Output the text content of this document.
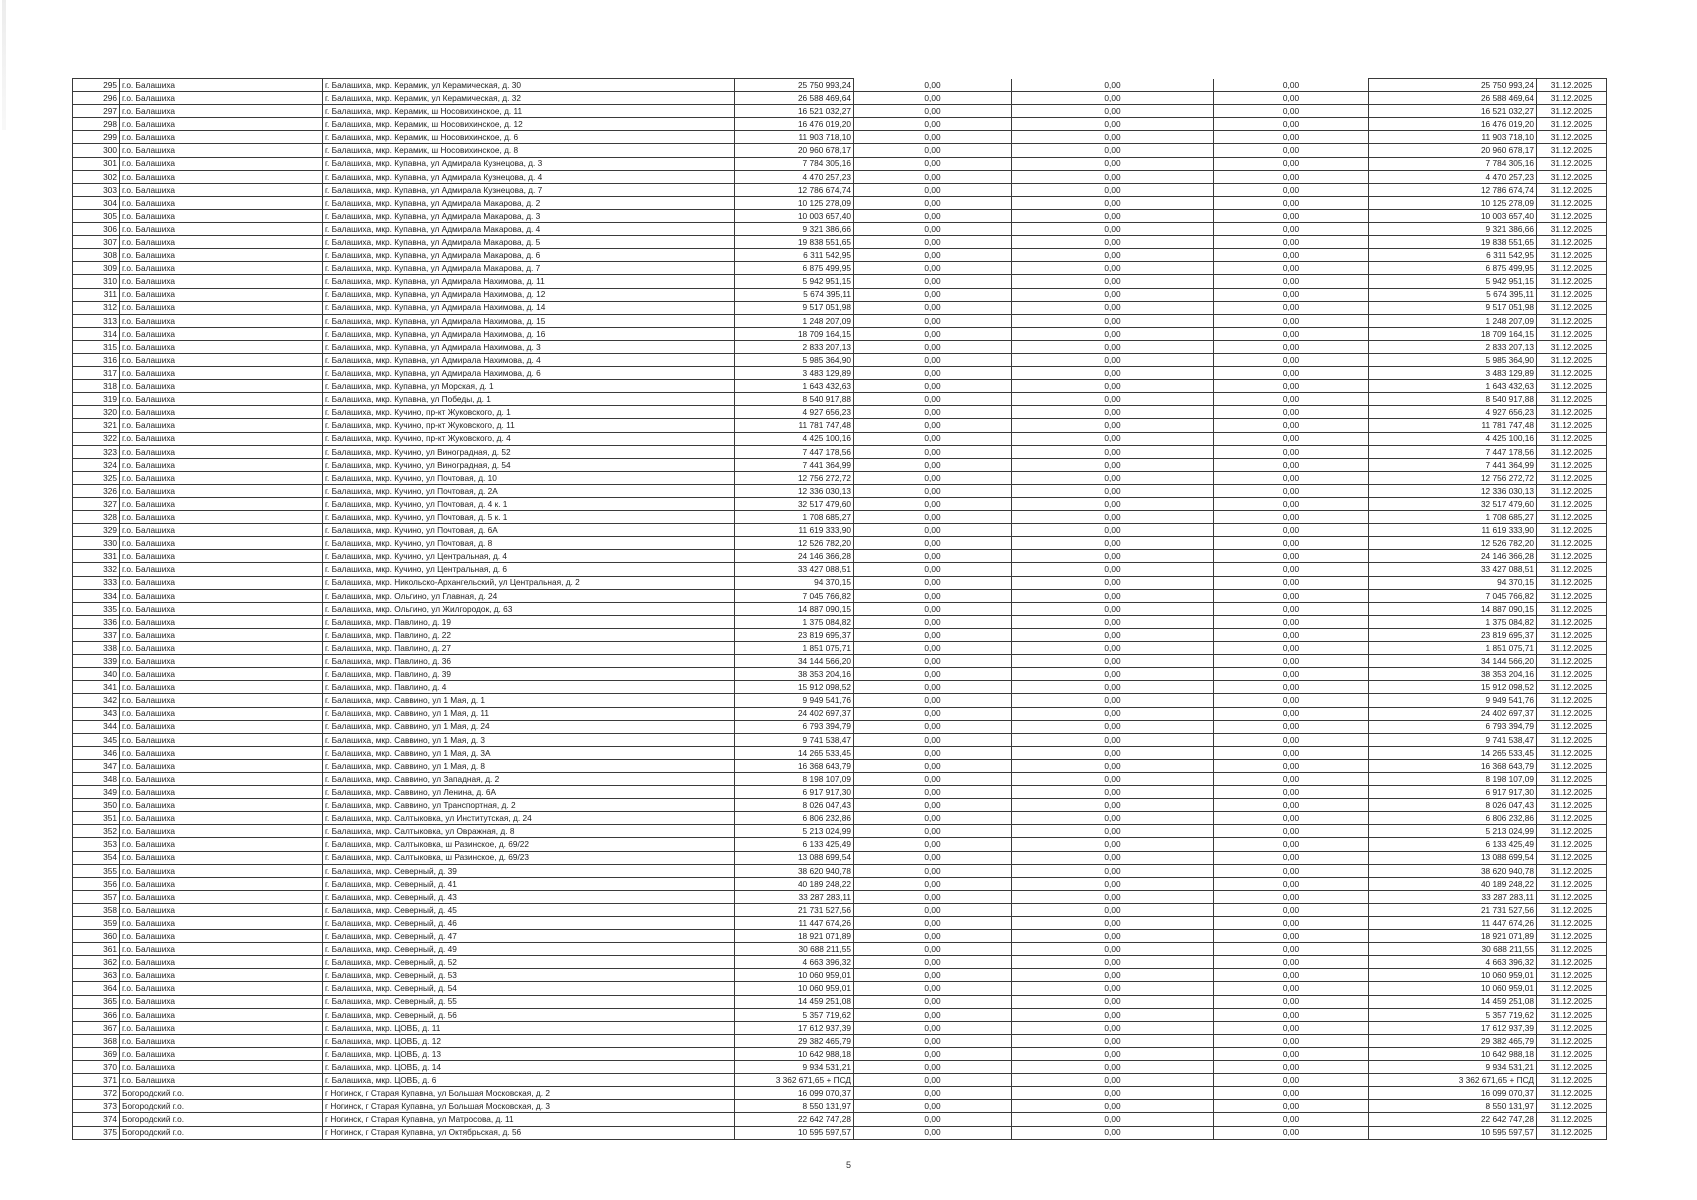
295	г.о. Балашиха	г. Балашиха, мкр. Керамик, ул Керамическая, д. 30	25 750 993,24	0,00	0,00	0,00	25 750 993,24	31.12.2025
296	г.о. Балашиха	г. Балашиха, мкр. Керамик, ул Керамическая, д. 32	26 588 469,64	0,00	0,00	0,00	26 588 469,64	31.12.2025
297	г.о. Балашиха	г. Балашиха, мкр. Керамик, ш Носовихинское, д. 11	16 521 032,27	0,00	0,00	0,00	16 521 032,27	31.12.2025
298	г.о. Балашиха	г. Балашиха, мкр. Керамик, ш Носовихинское, д. 12	16 476 019,20	0,00	0,00	0,00	16 476 019,20	31.12.2025
299	г.о. Балашиха	г. Балашиха, мкр. Керамик, ш Носовихинское, д. 6	11 903 718,10	0,00	0,00	0,00	11 903 718,10	31.12.2025
300	г.о. Балашиха	г. Балашиха, мкр. Керамик, ш Носовихинское, д. 8	20 960 678,17	0,00	0,00	0,00	20 960 678,17	31.12.2025
301	г.о. Балашиха	г. Балашиха, мкр. Купавна, ул Адмирала Кузнецова, д. 3	7 784 305,16	0,00	0,00	0,00	7 784 305,16	31.12.2025
302	г.о. Балашиха	г. Балашиха, мкр. Купавна, ул Адмирала Кузнецова, д. 4	4 470 257,23	0,00	0,00	0,00	4 470 257,23	31.12.2025
303	г.о. Балашиха	г. Балашиха, мкр. Купавна, ул Адмирала Кузнецова, д. 7	12 786 674,74	0,00	0,00	0,00	12 786 674,74	31.12.2025
304	г.о. Балашиха	г. Балашиха, мкр. Купавна, ул Адмирала Макарова, д. 2	10 125 278,09	0,00	0,00	0,00	10 125 278,09	31.12.2025
305	г.о. Балашиха	г. Балашиха, мкр. Купавна, ул Адмирала Макарова, д. 3	10 003 657,40	0,00	0,00	0,00	10 003 657,40	31.12.2025
306	г.о. Балашиха	г. Балашиха, мкр. Купавна, ул Адмирала Макарова, д. 4	9 321 386,66	0,00	0,00	0,00	9 321 386,66	31.12.2025
307	г.о. Балашиха	г. Балашиха, мкр. Купавна, ул Адмирала Макарова, д. 5	19 838 551,65	0,00	0,00	0,00	19 838 551,65	31.12.2025
308	г.о. Балашиха	г. Балашиха, мкр. Купавна, ул Адмирала Макарова, д. 6	6 311 542,95	0,00	0,00	0,00	6 311 542,95	31.12.2025
309	г.о. Балашиха	г. Балашиха, мкр. Купавна, ул Адмирала Макарова, д. 7	6 875 499,95	0,00	0,00	0,00	6 875 499,95	31.12.2025
310	г.о. Балашиха	г. Балашиха, мкр. Купавна, ул Адмирала Нахимова, д. 11	5 942 951,15	0,00	0,00	0,00	5 942 951,15	31.12.2025
311	г.о. Балашиха	г. Балашиха, мкр. Купавна, ул Адмирала Нахимова, д. 12	5 674 395,11	0,00	0,00	0,00	5 674 395,11	31.12.2025
312	г.о. Балашиха	г. Балашиха, мкр. Купавна, ул Адмирала Нахимова, д. 14	9 517 051,98	0,00	0,00	0,00	9 517 051,98	31.12.2025
313	г.о. Балашиха	г. Балашиха, мкр. Купавна, ул Адмирала Нахимова, д. 15	1 248 207,09	0,00	0,00	0,00	1 248 207,09	31.12.2025
314	г.о. Балашиха	г. Балашиха, мкр. Купавна, ул Адмирала Нахимова, д. 16	18 709 164,15	0,00	0,00	0,00	18 709 164,15	31.12.2025
315	г.о. Балашиха	г. Балашиха, мкр. Купавна, ул Адмирала Нахимова, д. 3	2 833 207,13	0,00	0,00	0,00	2 833 207,13	31.12.2025
316	г.о. Балашиха	г. Балашиха, мкр. Купавна, ул Адмирала Нахимова, д. 4	5 985 364,90	0,00	0,00	0,00	5 985 364,90	31.12.2025
317	г.о. Балашиха	г. Балашиха, мкр. Купавна, ул Адмирала Нахимова, д. 6	3 483 129,89	0,00	0,00	0,00	3 483 129,89	31.12.2025
318	г.о. Балашиха	г. Балашиха, мкр. Купавна, ул Морская, д. 1	1 643 432,63	0,00	0,00	0,00	1 643 432,63	31.12.2025
319	г.о. Балашиха	г. Балашиха, мкр. Купавна, ул Победы, д. 1	8 540 917,88	0,00	0,00	0,00	8 540 917,88	31.12.2025
320	г.о. Балашиха	г. Балашиха, мкр. Кучино, пр-кт Жуковского, д. 1	4 927 656,23	0,00	0,00	0,00	4 927 656,23	31.12.2025
321	г.о. Балашиха	г. Балашиха, мкр. Кучино, пр-кт Жуковского, д. 11	11 781 747,48	0,00	0,00	0,00	11 781 747,48	31.12.2025
322	г.о. Балашиха	г. Балашиха, мкр. Кучино, пр-кт Жуковского, д. 4	4 425 100,16	0,00	0,00	0,00	4 425 100,16	31.12.2025
323	г.о. Балашиха	г. Балашиха, мкр. Кучино, ул Виноградная, д. 52	7 447 178,56	0,00	0,00	0,00	7 447 178,56	31.12.2025
324	г.о. Балашиха	г. Балашиха, мкр. Кучино, ул Виноградная, д. 54	7 441 364,99	0,00	0,00	0,00	7 441 364,99	31.12.2025
325	г.о. Балашиха	г. Балашиха, мкр. Кучино, ул Почтовая, д. 10	12 756 272,72	0,00	0,00	0,00	12 756 272,72	31.12.2025
326	г.о. Балашиха	г. Балашиха, мкр. Кучино, ул Почтовая, д. 2А	12 336 030,13	0,00	0,00	0,00	12 336 030,13	31.12.2025
327	г.о. Балашиха	г. Балашиха, мкр. Кучино, ул Почтовая, д. 4 к. 1	32 517 479,60	0,00	0,00	0,00	32 517 479,60	31.12.2025
328	г.о. Балашиха	г. Балашиха, мкр. Кучино, ул Почтовая, д. 5 к. 1	1 708 685,27	0,00	0,00	0,00	1 708 685,27	31.12.2025
329	г.о. Балашиха	г. Балашиха, мкр. Кучино, ул Почтовая, д. 6А	11 619 333,90	0,00	0,00	0,00	11 619 333,90	31.12.2025
330	г.о. Балашиха	г. Балашиха, мкр. Кучино, ул Почтовая, д. 8	12 526 782,20	0,00	0,00	0,00	12 526 782,20	31.12.2025
331	г.о. Балашиха	г. Балашиха, мкр. Кучино, ул Центральная, д. 4	24 146 366,28	0,00	0,00	0,00	24 146 366,28	31.12.2025
332	г.о. Балашиха	г. Балашиха, мкр. Кучино, ул Центральная, д. 6	33 427 088,51	0,00	0,00	0,00	33 427 088,51	31.12.2025
333	г.о. Балашиха	г. Балашиха, мкр. Никольско-Архангельский, ул Центральная, д. 2	94 370,15	0,00	0,00	0,00	94 370,15	31.12.2025
334	г.о. Балашиха	г. Балашиха, мкр. Ольгино, ул Главная, д. 24	7 045 766,82	0,00	0,00	0,00	7 045 766,82	31.12.2025
335	г.о. Балашиха	г. Балашиха, мкр. Ольгино, ул Жилгородок, д. 63	14 887 090,15	0,00	0,00	0,00	14 887 090,15	31.12.2025
336	г.о. Балашиха	г. Балашиха, мкр. Павлино, д. 19	1 375 084,82	0,00	0,00	0,00	1 375 084,82	31.12.2025
337	г.о. Балашиха	г. Балашиха, мкр. Павлино, д. 22	23 819 695,37	0,00	0,00	0,00	23 819 695,37	31.12.2025
338	г.о. Балашиха	г. Балашиха, мкр. Павлино, д. 27	1 851 075,71	0,00	0,00	0,00	1 851 075,71	31.12.2025
339	г.о. Балашиха	г. Балашиха, мкр. Павлино, д. 36	34 144 566,20	0,00	0,00	0,00	34 144 566,20	31.12.2025
340	г.о. Балашиха	г. Балашиха, мкр. Павлино, д. 39	38 353 204,16	0,00	0,00	0,00	38 353 204,16	31.12.2025
341	г.о. Балашиха	г. Балашиха, мкр. Павлино, д. 4	15 912 098,52	0,00	0,00	0,00	15 912 098,52	31.12.2025
342	г.о. Балашиха	г. Балашиха, мкр. Саввино, ул 1 Мая, д. 1	9 949 541,76	0,00	0,00	0,00	9 949 541,76	31.12.2025
343	г.о. Балашиха	г. Балашиха, мкр. Саввино, ул 1 Мая, д. 11	24 402 697,37	0,00	0,00	0,00	24 402 697,37	31.12.2025
344	г.о. Балашиха	г. Балашиха, мкр. Саввино, ул 1 Мая, д. 24	6 793 394,79	0,00	0,00	0,00	6 793 394,79	31.12.2025
345	г.о. Балашиха	г. Балашиха, мкр. Саввино, ул 1 Мая, д. 3	9 741 538,47	0,00	0,00	0,00	9 741 538,47	31.12.2025
346	г.о. Балашиха	г. Балашиха, мкр. Саввино, ул 1 Мая, д. 3А	14 265 533,45	0,00	0,00	0,00	14 265 533,45	31.12.2025
347	г.о. Балашиха	г. Балашиха, мкр. Саввино, ул 1 Мая, д. 8	16 368 643,79	0,00	0,00	0,00	16 368 643,79	31.12.2025
348	г.о. Балашиха	г. Балашиха, мкр. Саввино, ул Западная, д. 2	8 198 107,09	0,00	0,00	0,00	8 198 107,09	31.12.2025
349	г.о. Балашиха	г. Балашиха, мкр. Саввино, ул Ленина, д. 6А	6 917 917,30	0,00	0,00	0,00	6 917 917,30	31.12.2025
350	г.о. Балашиха	г. Балашиха, мкр. Саввино, ул Транспортная, д. 2	8 026 047,43	0,00	0,00	0,00	8 026 047,43	31.12.2025
351	г.о. Балашиха	г. Балашиха, мкр. Салтыковка, ул Институтская, д. 24	6 806 232,86	0,00	0,00	0,00	6 806 232,86	31.12.2025
352	г.о. Балашиха	г. Балашиха, мкр. Салтыковка, ул Овражная, д. 8	5 213 024,99	0,00	0,00	0,00	5 213 024,99	31.12.2025
353	г.о. Балашиха	г. Балашиха, мкр. Салтыковка, ш Разинское, д. 69/22	6 133 425,49	0,00	0,00	0,00	6 133 425,49	31.12.2025
354	г.о. Балашиха	г. Балашиха, мкр. Салтыковка, ш Разинское, д. 69/23	13 088 699,54	0,00	0,00	0,00	13 088 699,54	31.12.2025
355	г.о. Балашиха	г. Балашиха, мкр. Северный, д. 39	38 620 940,78	0,00	0,00	0,00	38 620 940,78	31.12.2025
356	г.о. Балашиха	г. Балашиха, мкр. Северный, д. 41	40 189 248,22	0,00	0,00	0,00	40 189 248,22	31.12.2025
357	г.о. Балашиха	г. Балашиха, мкр. Северный, д. 43	33 287 283,11	0,00	0,00	0,00	33 287 283,11	31.12.2025
358	г.о. Балашиха	г. Балашиха, мкр. Северный, д. 45	21 731 527,56	0,00	0,00	0,00	21 731 527,56	31.12.2025
359	г.о. Балашиха	г. Балашиха, мкр. Северный, д. 46	11 447 674,26	0,00	0,00	0,00	11 447 674,26	31.12.2025
360	г.о. Балашиха	г. Балашиха, мкр. Северный, д. 47	18 921 071,89	0,00	0,00	0,00	18 921 071,89	31.12.2025
361	г.о. Балашиха	г. Балашиха, мкр. Северный, д. 49	30 688 211,55	0,00	0,00	0,00	30 688 211,55	31.12.2025
362	г.о. Балашиха	г. Балашиха, мкр. Северный, д. 52	4 663 396,32	0,00	0,00	0,00	4 663 396,32	31.12.2025
363	г.о. Балашиха	г. Балашиха, мкр. Северный, д. 53	10 060 959,01	0,00	0,00	0,00	10 060 959,01	31.12.2025
364	г.о. Балашиха	г. Балашиха, мкр. Северный, д. 54	10 060 959,01	0,00	0,00	0,00	10 060 959,01	31.12.2025
365	г.о. Балашиха	г. Балашиха, мкр. Северный, д. 55	14 459 251,08	0,00	0,00	0,00	14 459 251,08	31.12.2025
366	г.о. Балашиха	г. Балашиха, мкр. Северный, д. 56	5 357 719,62	0,00	0,00	0,00	5 357 719,62	31.12.2025
367	г.о. Балашиха	г. Балашиха, мкр. ЦОВБ, д. 11	17 612 937,39	0,00	0,00	0,00	17 612 937,39	31.12.2025
368	г.о. Балашиха	г. Балашиха, мкр. ЦОВБ, д. 12	29 382 465,79	0,00	0,00	0,00	29 382 465,79	31.12.2025
369	г.о. Балашиха	г. Балашиха, мкр. ЦОВБ, д. 13	10 642 988,18	0,00	0,00	0,00	10 642 988,18	31.12.2025
370	г.о. Балашиха	г. Балашиха, мкр. ЦОВБ, д. 14	9 934 531,21	0,00	0,00	0,00	9 934 531,21	31.12.2025
371	г.о. Балашиха	г. Балашиха, мкр. ЦОВБ, д. 6	3 362 671,65 + ПСД	0,00	0,00	0,00	3 362 671,65 + ПСД	31.12.2025
372	Богородский г.о.	г Ногинск, г Старая Купавна, ул Большая Московская, д. 2	16 099 070,37	0,00	0,00	0,00	16 099 070,37	31.12.2025
373	Богородский г.о.	г Ногинск, г Старая Купавна, ул Большая Московская, д. 3	8 550 131,97	0,00	0,00	0,00	8 550 131,97	31.12.2025
374	Богородский г.о.	г Ногинск, г Старая Купавна, ул Матросова, д. 11	22 642 747,28	0,00	0,00	0,00	22 642 747,28	31.12.2025
375	Богородский г.о.	г Ногинск, г Старая Купавна, ул Октябрьская, д. 56	10 595 597,57	0,00	0,00	0,00	10 595 597,57	31.12.2025
5
